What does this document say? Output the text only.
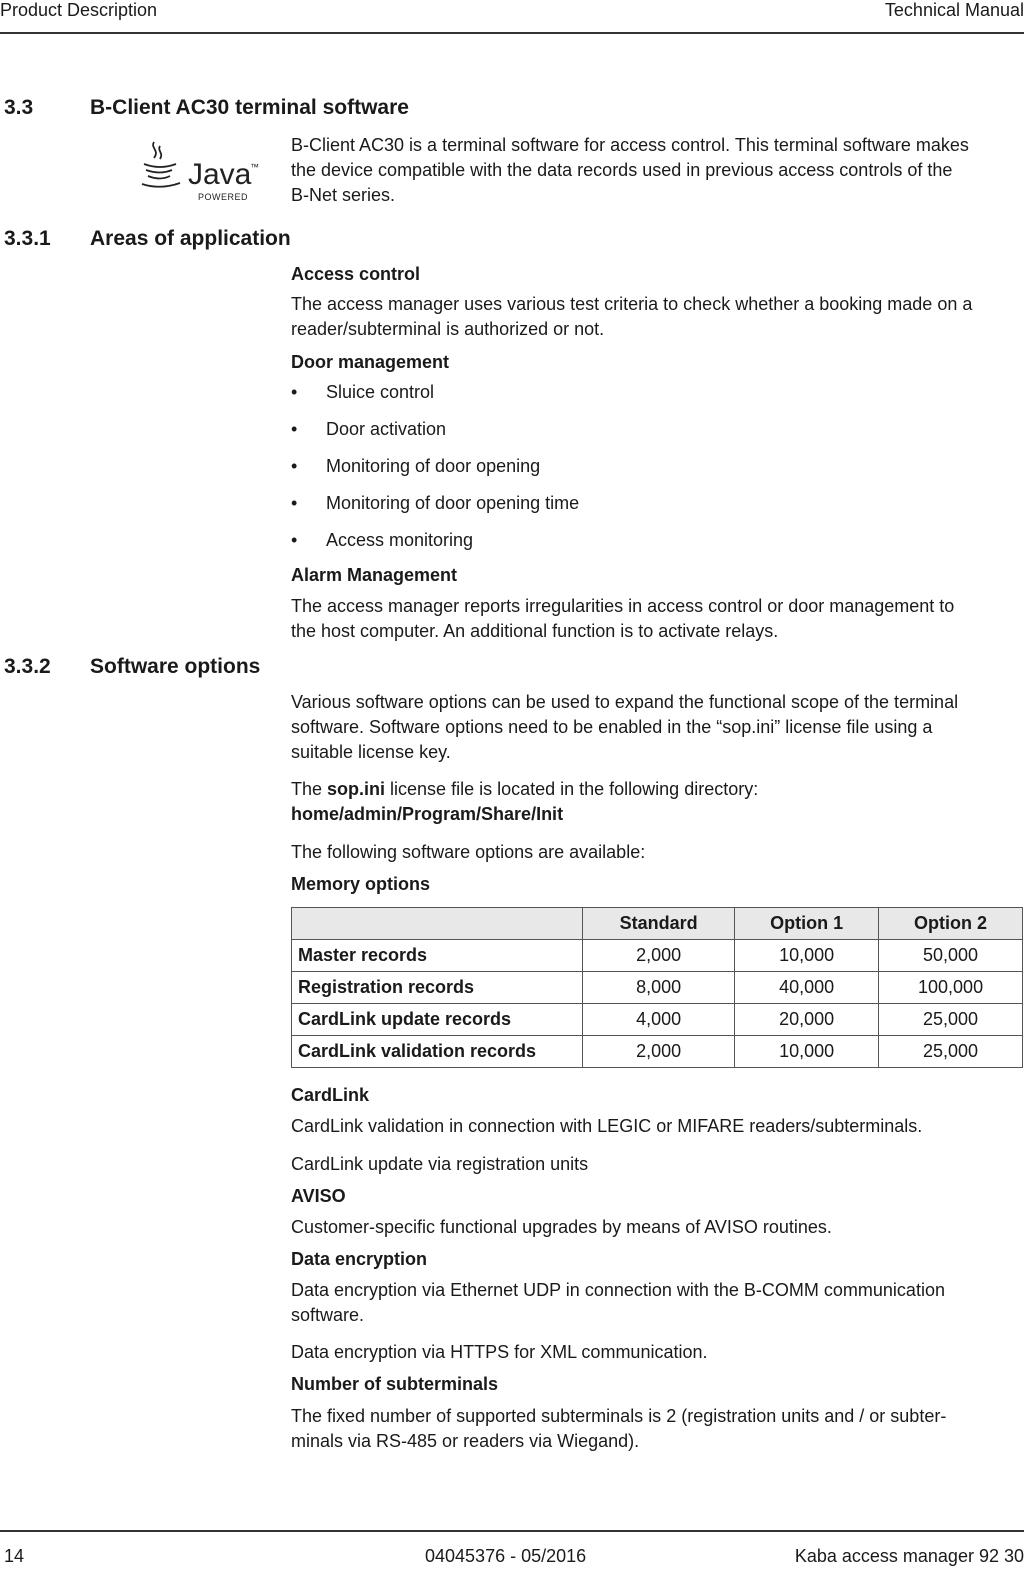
Product Description	Technical Manual
3.3	B-Client AC30 terminal software
Java
™
POWERED
B-Client AC30 is a terminal software for access control. This terminal software makes
the device compatible with the data records used in previous access controls of the
B-Net series.
3.3.1 Areas of application
Access control
The access manager uses various test criteria to check whether a booking made on a
reader/subterminal is authorized or not.
Door management
• Sluice control
• Door activation
• Monitoring of door opening
• Monitoring of door opening time
• Access monitoring
Alarm Management
The access manager reports irregularities in access control or door management to
the host computer. An additional function is to activate relays.
3.3.2 Software options
Various software options can be used to expand the functional scope of the terminal
software. Software options need to be enabled in the “sop.ini” license file using a
suitable license key.
The sop.ini license file is located in the following directory:
home/admin/Program/Share/Init
The following software options are available:
Memory options
	Standard	Option 1	Option 2
Master records	2,000	10,000	50,000
Registration records	8,000	40,000	100,000
CardLink update records	4,000	20,000	25,000
CardLink validation records	2,000	10,000	25,000
CardLink
CardLink validation in connection with LEGIC or MIFARE readers/subterminals.
CardLink update via registration units
AVISO
Customer-specific functional upgrades by means of AVISO routines.
Data encryption
Data encryption via Ethernet UDP in connection with the B-COMM communication
software.
Data encryption via HTTPS for XML communication.
Number of subterminals
The fixed number of supported subterminals is 2 (registration units and / or subter-
minals via RS-485 or readers via Wiegand).
14	04045376 - 05/2016	Kaba access manager 92 30
